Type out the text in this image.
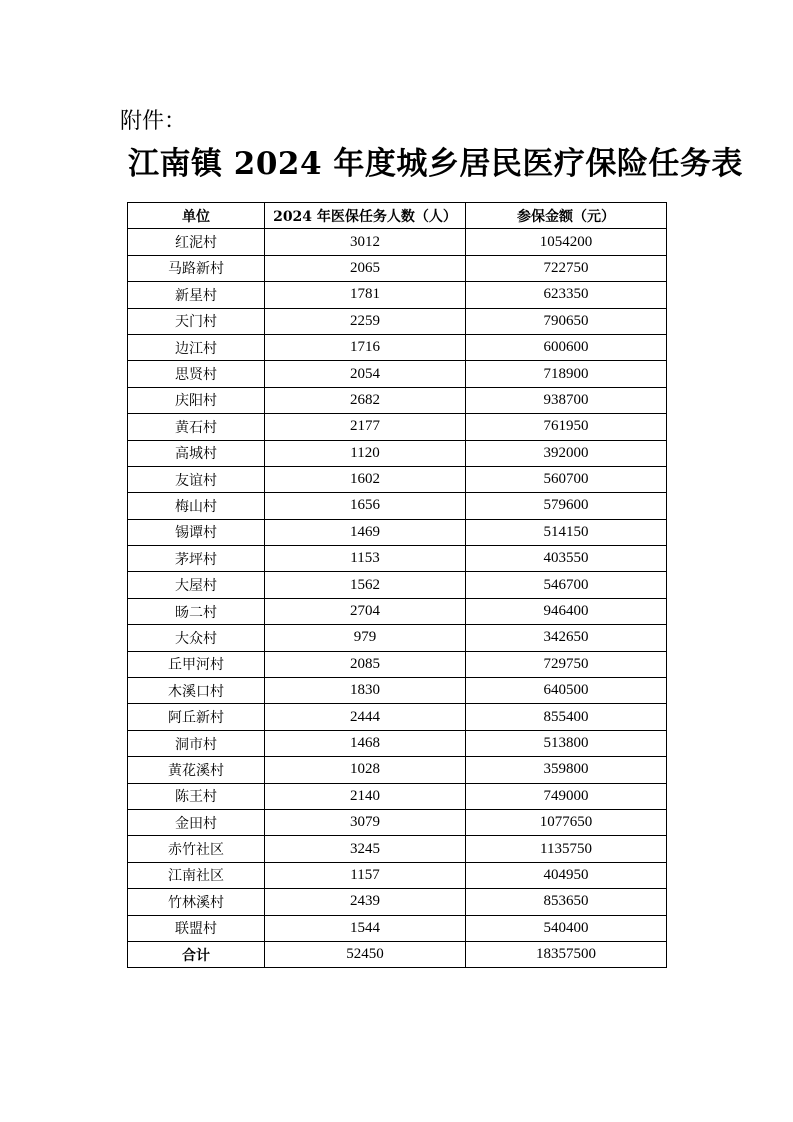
附件：
江南镇 2024 年度城乡居民医疗保险任务表
单位	2024 年医保任务人数（人）	参保金额（元）
红泥村	3012	1054200
马路新村	2065	722750
新星村	1781	623350
天门村	2259	790650
边江村	1716	600600
思贤村	2054	718900
庆阳村	2682	938700
黄石村	2177	761950
高城村	1120	392000
友谊村	1602	560700
梅山村	1656	579600
锡谭村	1469	514150
茅坪村	1153	403550
大屋村	1562	546700
旸二村	2704	946400
大众村	979	342650
丘甲河村	2085	729750
木溪口村	1830	640500
阿丘新村	2444	855400
洞市村	1468	513800
黄花溪村	1028	359800
陈王村	2140	749000
金田村	3079	1077650
赤竹社区	3245	1135750
江南社区	1157	404950
竹林溪村	2439	853650
联盟村	1544	540400
合计	52450	18357500
